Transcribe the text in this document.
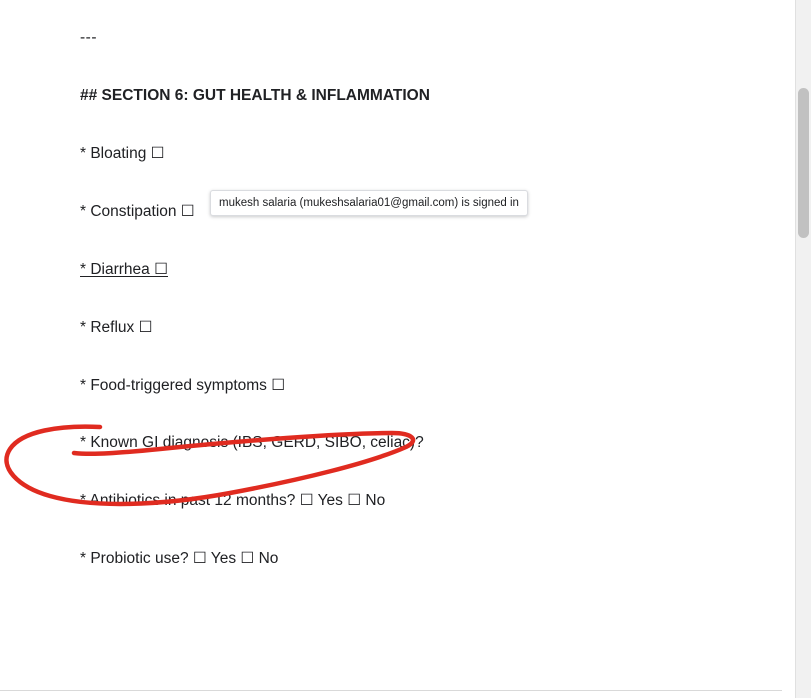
---

## SECTION 6: GUT HEALTH & INFLAMMATION

* Bloating ☐

* Constipation ☐

* Diarrhea ☐

* Reflux ☐

* Food-triggered symptoms ☐

* Known GI diagnosis (IBS, GERD, SIBO, celiac)?

* Antibiotics in past 12 months? ☐ Yes ☐ No

* Probiotic use? ☐ Yes ☐ No

mukesh salaria (mukeshsalaria01@gmail.com) is signed in
